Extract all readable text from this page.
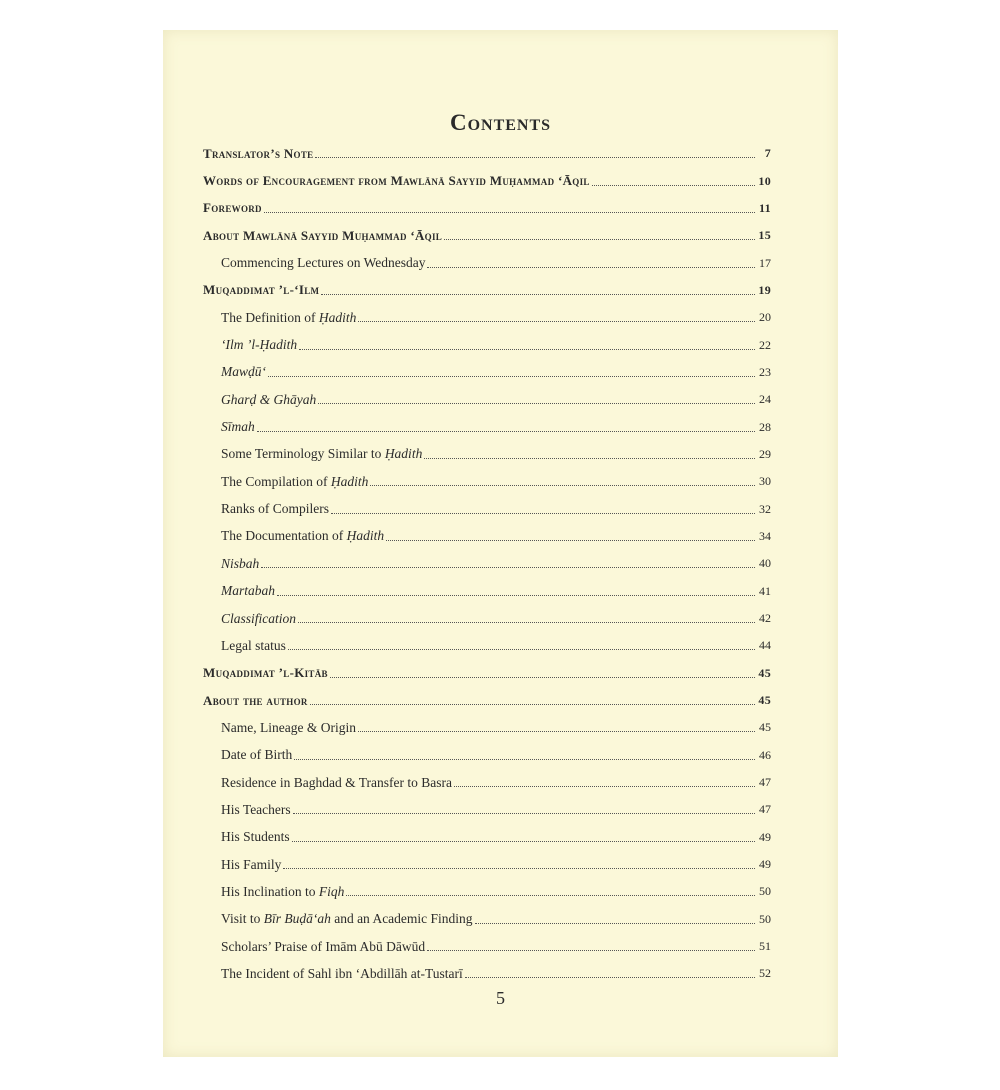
Contents
Translator’s Note	7
Words of Encouragement from Mawlānā Sayyid Muḥammad ‘Āqil	10
Foreword	11
About Mawlānā Sayyid Muḥammad ‘Āqil	15
Commencing Lectures on Wednesday	17
Muqaddimat ’l-‘Ilm	19
The Definition of Ḥadith	20
‘Ilm ’l-Ḥadith	22
Mawḍū‘	23
Gharḍ & Ghāyah	24
Sīmah	28
Some Terminology Similar to Ḥadith	29
The Compilation of Ḥadith	30
Ranks of Compilers	32
The Documentation of Ḥadith	34
Nisbah	40
Martabah	41
Classification	42
Legal status	44
Muqaddimat ’l-Kitāb	45
About the author	45
Name, Lineage & Origin	45
Date of Birth	46
Residence in Baghdad & Transfer to Basra	47
His Teachers	47
His Students	49
His Family	49
His Inclination to Fiqh	50
Visit to Bīr Buḍā‘ah and an Academic Finding	50
Scholars’ Praise of Imām Abū Dāwūd	51
The Incident of Sahl ibn ‘Abdillāh at-Tustarī	52
5
